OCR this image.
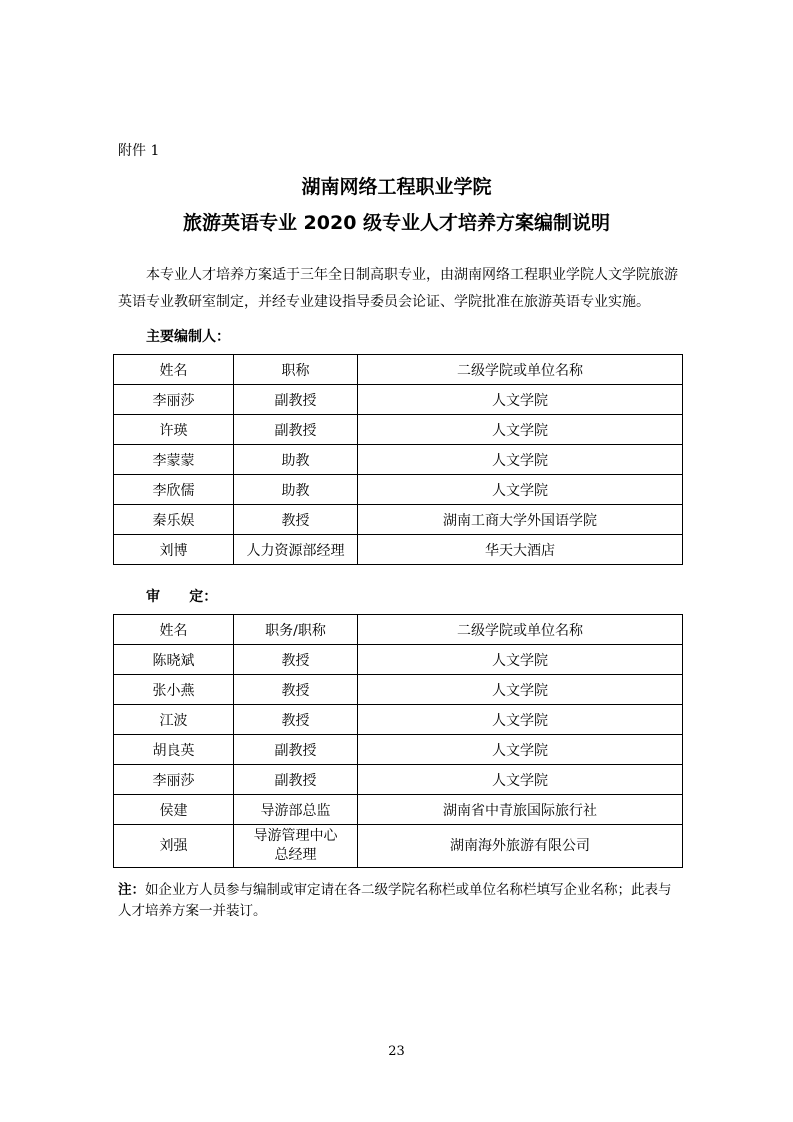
附件 1
湖南网络工程职业学院
旅游英语专业 2020 级专业人才培养方案编制说明

本专业人才培养方案适于三年全日制高职专业，由湖南网络工程职业学院人文学院旅游英语专业教研室制定，并经专业建设指导委员会论证、学院批准在旅游英语专业实施。

主要编制人：
姓名	职称	二级学院或单位名称
李丽莎	副教授	人文学院
许瑛	副教授	人文学院
李蒙蒙	助教	人文学院
李欣儒	助教	人文学院
秦乐娱	教授	湖南工商大学外国语学院
刘博	人力资源部经理	华天大酒店
审      定：
姓名	职务/职称	二级学院或单位名称
陈晓斌	教授	人文学院
张小燕	教授	人文学院
江波	教授	人文学院
胡良英	副教授	人文学院
李丽莎	副教授	人文学院
侯建	导游部总监	湖南省中青旅国际旅行社
刘强	导游管理中心
总经理	湖南海外旅游有限公司

注：如企业方人员参与编制或审定请在各二级学院名称栏或单位名称栏填写企业名称；此表与人才培养方案一并装订。

23
